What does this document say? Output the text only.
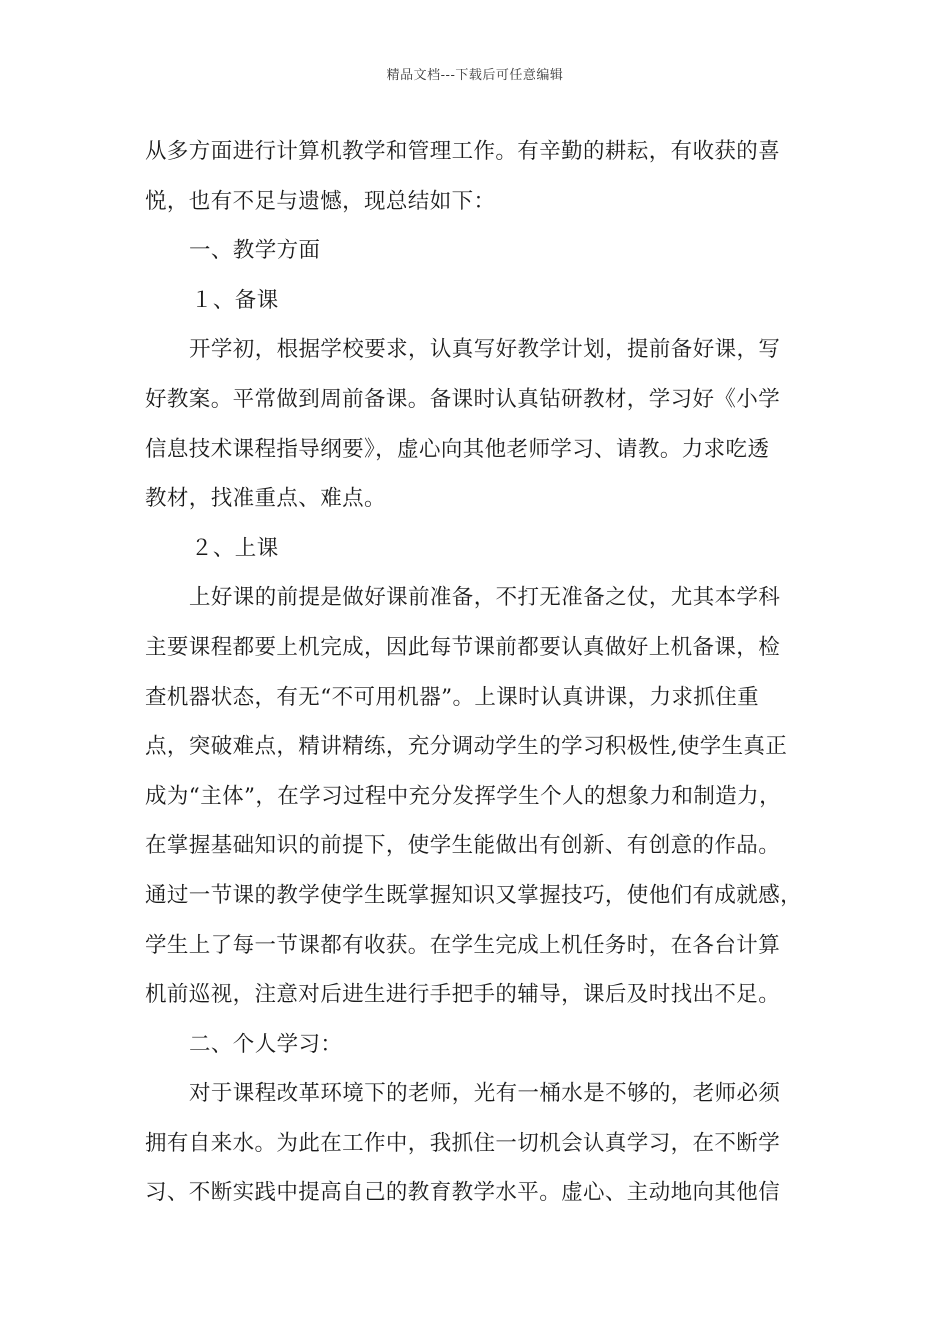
精品文档---下载后可任意编辑
从多方面进行计算机教学和管理工作。有辛勤的耕耘，有收获的喜
悦，也有不足与遗憾，现总结如下：
一、教学方面
１、备课
开学初，根据学校要求，认真写好教学计划，提前备好课，写
好教案。平常做到周前备课。备课时认真钻研教材，学习好《小学
信息技术课程指导纲要》，虚心向其他老师学习、请教。力求吃透
教材，找准重点、难点。
２、上课
上好课的前提是做好课前准备，不打无准备之仗，尤其本学科
主要课程都要上机完成，因此每节课前都要认真做好上机备课，检
查机器状态，有无“不可用机器”。上课时认真讲课，力求抓住重
点，突破难点，精讲精练，充分调动学生的学习积极性,使学生真正
成为“主体”，在学习过程中充分发挥学生个人的想象力和制造力，
在掌握基础知识的前提下，使学生能做出有创新、有创意的作品。
通过一节课的教学使学生既掌握知识又掌握技巧，使他们有成就感，
学生上了每一节课都有收获。在学生完成上机任务时，在各台计算
机前巡视，注意对后进生进行手把手的辅导，课后及时找出不足。
二、个人学习：
对于课程改革环境下的老师，光有一桶水是不够的，老师必须
拥有自来水。为此在工作中，我抓住一切机会认真学习，在不断学
习、不断实践中提高自己的教育教学水平。虚心、主动地向其他信
